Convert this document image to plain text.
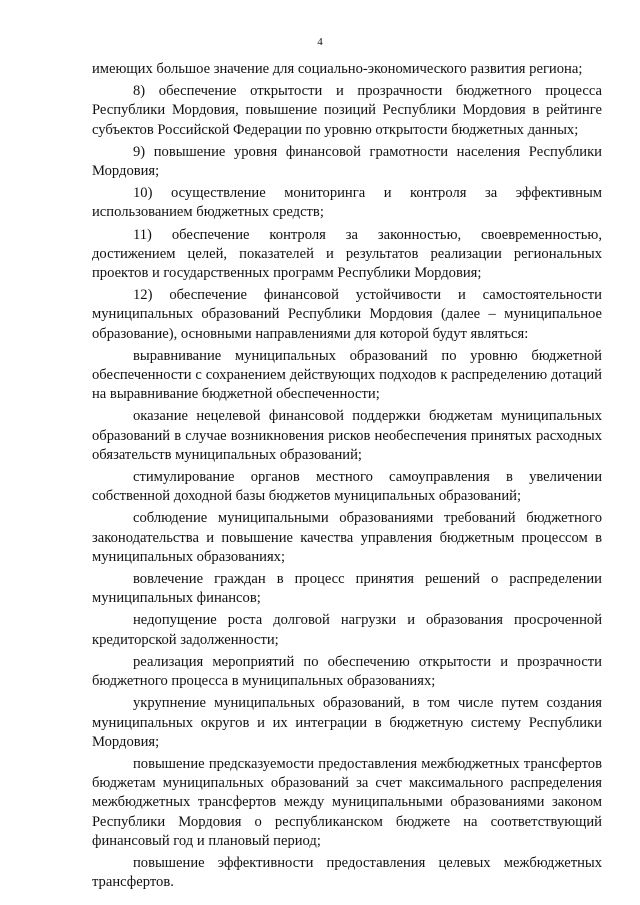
4

имеющих большое значение для социально-экономического развития региона;

8) обеспечение открытости и прозрачности бюджетного процесса Республики Мордовия, повышение позиций Республики Мордовия в рейтинге субъектов Российской Федерации по уровню открытости бюджетных данных;

9) повышение уровня финансовой грамотности населения Республики Мордовия;

10) осуществление мониторинга и контроля за эффективным использованием бюджетных средств;

11) обеспечение контроля за законностью, своевременностью, достижением целей, показателей и результатов реализации региональных проектов и государственных программ Республики Мордовия;

12) обеспечение финансовой устойчивости и самостоятельности муниципальных образований Республики Мордовия (далее – муниципальное образование), основными направлениями для которой будут являться:

выравнивание муниципальных образований по уровню бюджетной обеспеченности с сохранением действующих подходов к распределению дотаций на выравнивание бюджетной обеспеченности;

оказание нецелевой финансовой поддержки бюджетам муниципальных образований в случае возникновения рисков необеспечения принятых расходных обязательств муниципальных образований;

стимулирование органов местного самоуправления в увеличении собственной доходной базы бюджетов муниципальных образований;

соблюдение муниципальными образованиями требований бюджетного законодательства и повышение качества управления бюджетным процессом в муниципальных образованиях;

вовлечение граждан в процесс принятия решений о распределении муниципальных финансов;

недопущение роста долговой нагрузки и образования просроченной кредиторской задолженности;

реализация мероприятий по обеспечению открытости и прозрачности бюджетного процесса в муниципальных образованиях;

укрупнение муниципальных образований, в том числе путем создания муниципальных округов и их интеграции в бюджетную систему Республики Мордовия;

повышение предсказуемости предоставления межбюджетных трансфертов бюджетам муниципальных образований за счет максимального распределения межбюджетных трансфертов между муниципальными образованиями законом Республики Мордовия о республиканском бюджете на соответствующий финансовый год и плановый период;

повышение эффективности предоставления целевых межбюджетных трансфертов.
